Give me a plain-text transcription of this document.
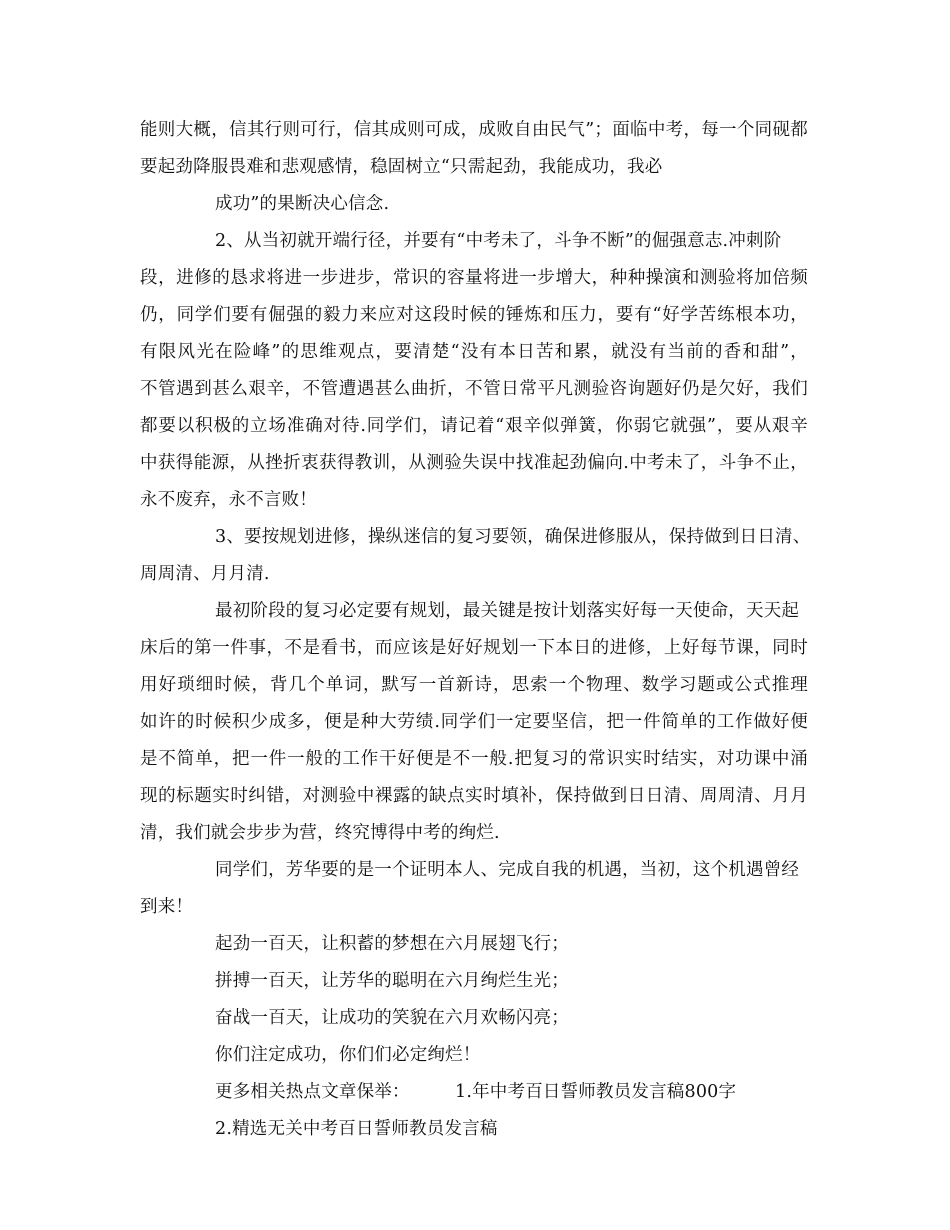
能则大概，信其行则可行，信其成则可成，成败自由民气”；面临中考，每一个同砚都
要起劲降服畏难和悲观感情，稳固树立“只需起劲，我能成功，我必
成功”的果断决心信念.
2、从当初就开端行径，并要有“中考未了，斗争不断”的倔强意志.冲刺阶
段，进修的恳求将进一步进步，常识的容量将进一步增大，种种操演和测验将加倍频
仍，同学们要有倔强的毅力来应对这段时候的锤炼和压力，要有“好学苦练根本功，
有限风光在险峰”的思维观点，要清楚“没有本日苦和累，就没有当前的香和甜”，
不管遇到甚么艰辛，不管遭遇甚么曲折，不管日常平凡测验咨询题好仍是欠好，我们
都要以积极的立场准确对待.同学们，请记着“艰辛似弹簧，你弱它就强”，要从艰辛
中获得能源，从挫折衷获得教训，从测验失误中找准起劲偏向.中考未了，斗争不止，
永不废弃，永不言败！
3、要按规划进修，操纵迷信的复习要领，确保进修服从，保持做到日日清、
周周清、月月清.
最初阶段的复习必定要有规划，最关键是按计划落实好每一天使命，天天起
床后的第一件事，不是看书，而应该是好好规划一下本日的进修，上好每节课，同时
用好琐细时候，背几个单词，默写一首新诗，思索一个物理、数学习题或公式推理
如许的时候积少成多，便是种大劳绩.同学们一定要坚信，把一件简单的工作做好便
是不简单，把一件一般的工作干好便是不一般.把复习的常识实时结实，对功课中涌
现的标题实时纠错，对测验中裸露的缺点实时填补，保持做到日日清、周周清、月月
清，我们就会步步为营，终究博得中考的绚烂.
同学们，芳华要的是一个证明本人、完成自我的机遇，当初，这个机遇曾经
到来！
起劲一百天，让积蓄的梦想在六月展翅飞行；
拼搏一百天，让芳华的聪明在六月绚烂生光；
奋战一百天，让成功的笑貌在六月欢畅闪亮；
你们注定成功，你们们必定绚烂！
更多相关热点文章保举：	1.年中考百日誓师教员发言稿800字
2.精选无关中考百日誓师教员发言稿
